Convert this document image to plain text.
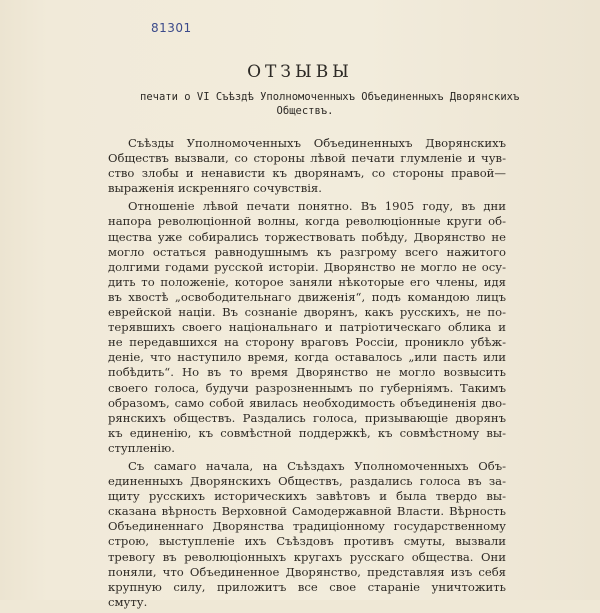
81301
ОТЗЫВЫ
печати о VI Съѣздѣ Уполномоченныхъ Объединенныхъ Дворянскихъ
Обществъ.
Съѣзды Уполномоченныхъ Объединенныхъ Дворянскихъ
Обществъ вызвали, со стороны лѣвой печати глумленіе и чув-
ство злобы и ненависти къ дворянамъ, со стороны правой—
выраженія искренняго сочувствія.
Отношеніе лѣвой печати понятно. Въ 1905 году, въ дни
напора революціонной волны, когда революціонные круги об-
щества уже собирались торжествовать побѣду, Дворянство не
могло остаться равнодушнымъ къ разгрому всего нажитого
долгими годами русской исторіи. Дворянство не могло не осу-
дить то положеніе, которое заняли нѣкоторые его члены, идя
въ хвостѣ „освободительнаго движенія“, подъ командою лицъ
еврейской націи. Въ сознаніе дворянъ, какъ русскихъ, не по-
терявшихъ своего національнаго и патріотическаго облика и
не передавшихся на сторону враговъ Россіи, проникло убѣж-
деніе, что наступило время, когда оставалось „или пасть или
побѣдить“. Но въ то время Дворянство не могло возвысить
своего голоса, будучи разрозненнымъ по губерніямъ. Такимъ
образомъ, само собой явилась необходимость объединенія дво-
рянскихъ обществъ. Раздались голоса, призывающіе дворянъ
къ единенію, къ совмѣстной поддержкѣ, къ совмѣстному вы-
ступленію.
Съ самаго начала, на Съѣздахъ Уполномоченныхъ Объ-
единенныхъ Дворянскихъ Обществъ, раздались голоса въ за-
щиту русскихъ историческихъ завѣтовъ и была твердо вы-
сказана вѣрность Верховной Самодержавной Власти. Вѣрность
Объединеннаго Дворянства традиціонному государственному
строю, выступленіе ихъ Съѣздовъ противъ смуты, вызвали
тревогу въ революціонныхъ кругахъ русскаго общества. Они
поняли, что Объединенное Дворянство, представляя изъ себя
крупную силу, приложитъ все свое стараніе уничтожить
смуту.
